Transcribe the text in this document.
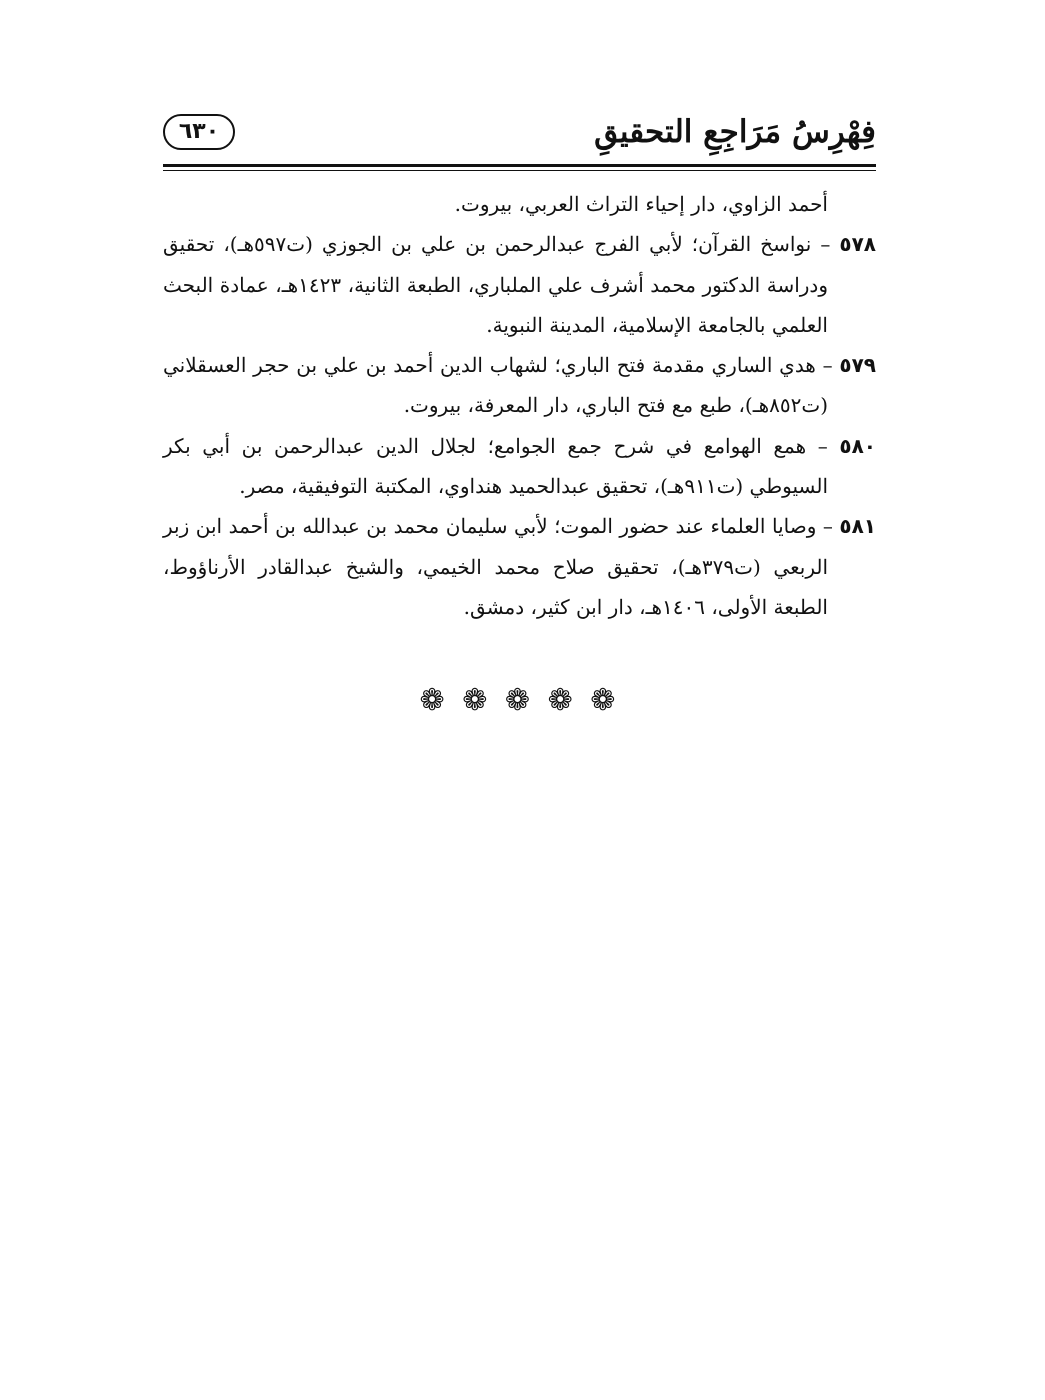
٦٣٠	فِهْرِسُ مَرَاجِعِ التحقيقِ

أحمد الزاوي، دار إحياء التراث العربي، بيروت.

٥٧٨ – نواسخ القرآن؛ لأبي الفرج عبدالرحمن بن علي بن الجوزي (ت٥٩٧هـ)، تحقيق ودراسة الدكتور محمد أشرف علي الملباري، الطبعة الثانية، ١٤٢٣هـ، عمادة البحث العلمي بالجامعة الإسلامية، المدينة النبوية.

٥٧٩ – هدي الساري مقدمة فتح الباري؛ لشهاب الدين أحمد بن علي بن حجر العسقلاني (ت٨٥٢هـ)، طبع مع فتح الباري، دار المعرفة، بيروت.

٥٨٠ – همع الهوامع في شرح جمع الجوامع؛ لجلال الدين عبدالرحمن بن أبي بكر السيوطي (ت٩١١هـ)، تحقيق عبدالحميد هنداوي، المكتبة التوفيقية، مصر.

٥٨١ – وصايا العلماء عند حضور الموت؛ لأبي سليمان محمد بن عبدالله بن أحمد ابن زبر الربعي (ت٣٧٩هـ)، تحقيق صلاح محمد الخيمي، والشيخ عبدالقادر الأرناؤوط، الطبعة الأولى، ١٤٠٦هـ، دار ابن كثير، دمشق.

❁ ❁ ❁ ❁ ❁
